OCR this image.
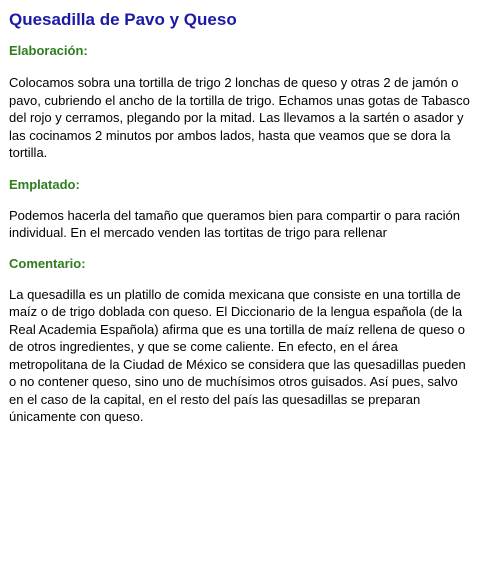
Quesadilla de Pavo y Queso
Elaboración:

Colocamos sobra una tortilla de trigo 2 lonchas de queso y otras 2 de jamón o pavo, cubriendo el ancho de la tortilla de trigo. Echamos unas gotas de Tabasco del rojo y cerramos, plegando por la mitad. Las llevamos a la sartén o asador y las cocinamos 2 minutos por ambos lados, hasta que veamos que se dora la tortilla.

Emplatado:

Podemos hacerla del tamaño que queramos bien para compartir o para ración individual. En el mercado venden las tortitas de trigo para rellenar

Comentario:

La quesadilla es un platillo de comida mexicana que consiste en una tortilla de maíz o de trigo doblada con queso. El Diccionario de la lengua española (de la Real Academia Española) afirma que es una tortilla de maíz rellena de queso o de otros ingredientes, y que se come caliente. En efecto, en el área metropolitana de la Ciudad de México se considera que las quesadillas pueden o no contener queso, sino uno de muchísimos otros guisados. Así pues, salvo en el caso de la capital, en el resto del país las quesadillas se preparan únicamente con queso.
